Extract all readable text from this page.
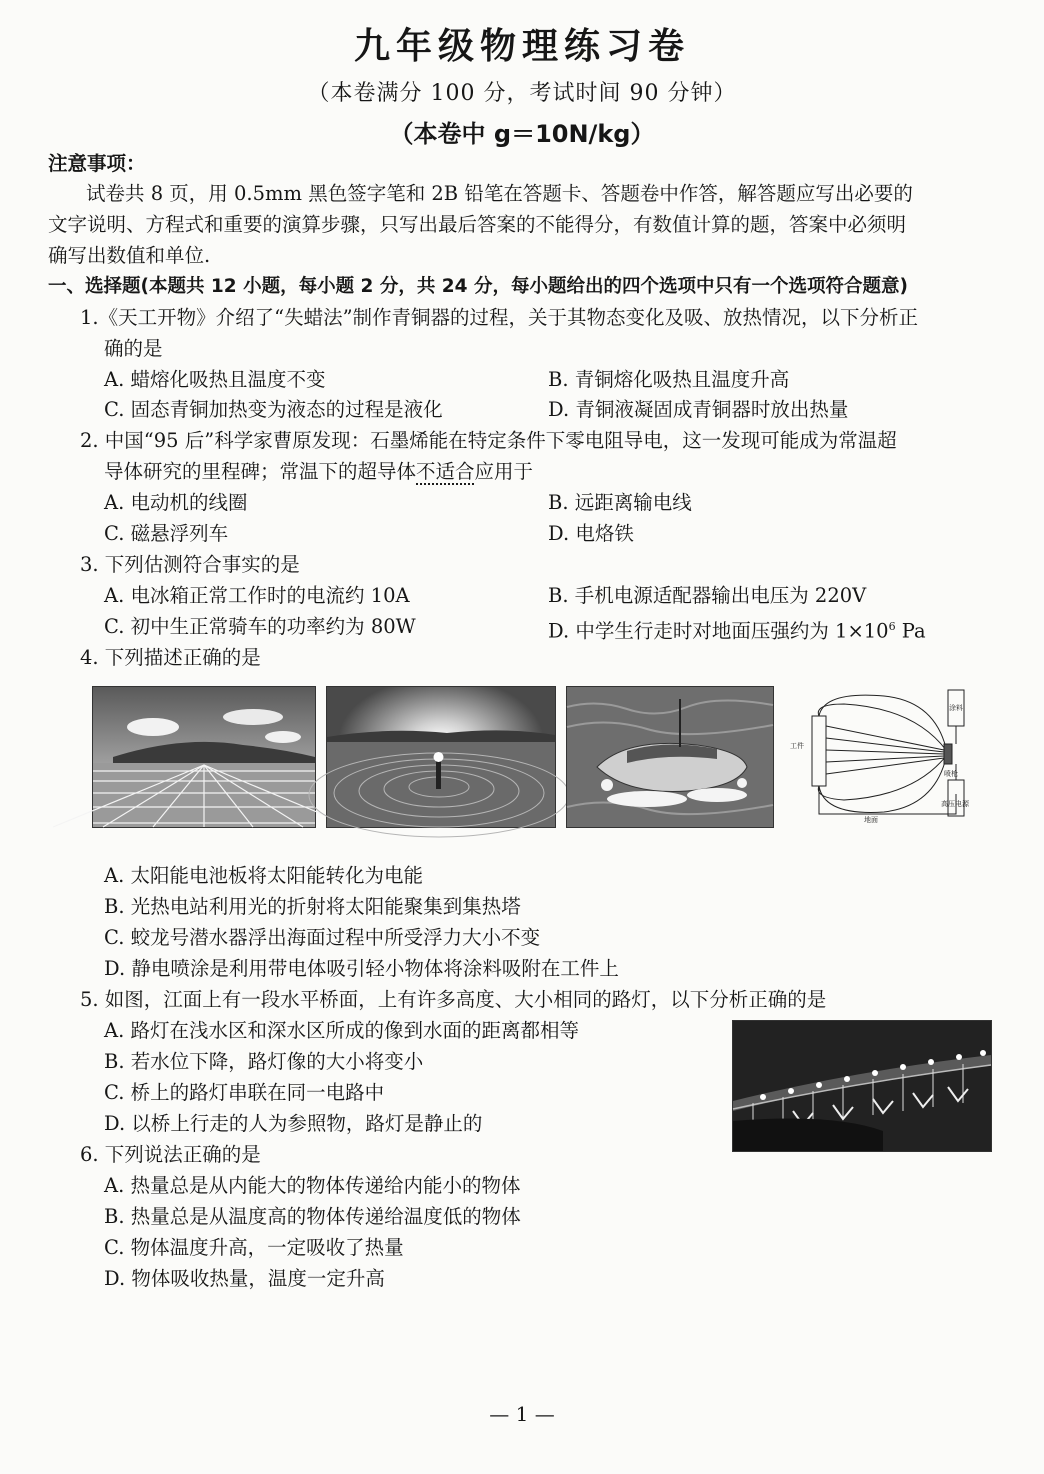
九年级物理练习卷
（本卷满分 100 分，考试时间 90 分钟）
（本卷中 g＝10N/kg）
注意事项：
试卷共 8 页，用 0.5mm 黑色签字笔和 2B 铅笔在答题卡、答题卷中作答，解答题应写出必要的
文字说明、方程式和重要的演算步骤，只写出最后答案的不能得分，有数值计算的题，答案中必须明
确写出数值和单位.
一、选择题(本题共 12 小题，每小题 2 分，共 24 分，每小题给出的四个选项中只有一个选项符合题意)
1.《天工开物》介绍了“失蜡法”制作青铜器的过程，关于其物态变化及吸、放热情况，以下分析正
确的是
A. 蜡熔化吸热且温度不变	B. 青铜熔化吸热且温度升高
C. 固态青铜加热变为液态的过程是液化	D. 青铜液凝固成青铜器时放出热量
2. 中国“95 后”科学家曹原发现：石墨烯能在特定条件下零电阻导电，这一发现可能成为常温超
导体研究的里程碑；常温下的超导体不适合应用于
A. 电动机的线圈	B. 远距离输电线
C. 磁悬浮列车	D. 电烙铁
3. 下列估测符合事实的是
A. 电冰箱正常工作时的电流约 10A	B. 手机电源适配器输出电压为 220V
C. 初中生正常骑车的功率约为 80W	D. 中学生行走时对地面压强约为 $1\times 10^6$ Pa
4. 下列描述正确的是
工件
地面
喷枪
涂料
高压电源
A. 太阳能电池板将太阳能转化为电能
B. 光热电站利用光的折射将太阳能聚集到集热塔
C. 蛟龙号潜水器浮出海面过程中所受浮力大小不变
D. 静电喷涂是利用带电体吸引轻小物体将涂料吸附在工件上
5. 如图，江面上有一段水平桥面，上有许多高度、大小相同的路灯，以下分析正确的是
A. 路灯在浅水区和深水区所成的像到水面的距离都相等
B. 若水位下降，路灯像的大小将变小
C. 桥上的路灯串联在同一电路中
D. 以桥上行走的人为参照物，路灯是静止的
6. 下列说法正确的是
A. 热量总是从内能大的物体传递给内能小的物体
B. 热量总是从温度高的物体传递给温度低的物体
C. 物体温度升高，一定吸收了热量
D. 物体吸收热量，温度一定升高
— 1 —
